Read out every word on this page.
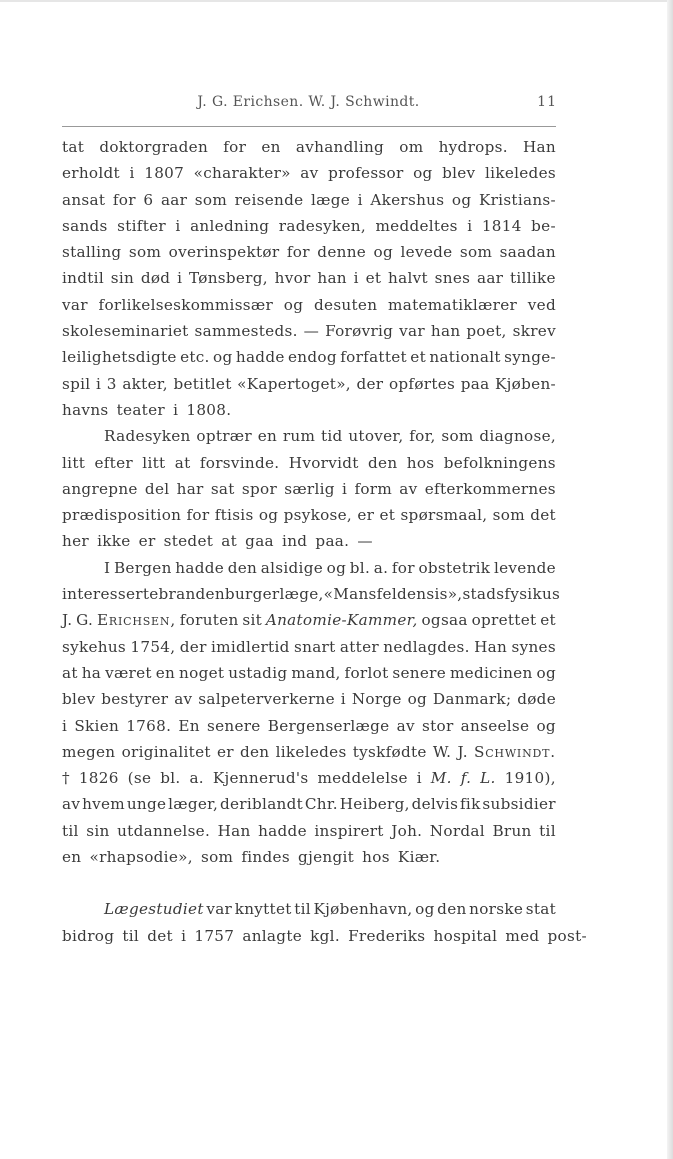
J. G. Erichsen. W. J. Schwindt.	11
tat doktorgraden for en avhandling om hydrops. Han
erholdt i 1807 «charakter» av professor og blev likeledes
ansat for 6 aar som reisende læge i Akershus og Kristians-
sands stifter i anledning radesyken, meddeltes i 1814 be-
stalling som overinspektør for denne og levede som saadan
indtil sin død i Tønsberg, hvor han i et halvt snes aar tillike
var forlikelseskommissær og desuten matematiklærer ved
skoleseminariet sammesteds. — Forøvrig var han poet, skrev
leilighetsdigte etc. og hadde endog forfattet et nationalt synge-
spil i 3 akter, betitlet «Kapertoget», der opførtes paa Kjøben-
havns teater i 1808.
Radesyken optrær en rum tid utover, for, som diagnose,
litt efter litt at forsvinde. Hvorvidt den hos befolkningens
angrepne del har sat spor særlig i form av efterkommernes
prædisposition for ftisis og psykose, er et spørsmaal, som det
her ikke er stedet at gaa ind paa. —
I Bergen hadde den alsidige og bl. a. for obstetrik levende
interesserte brandenburgerlæge, «Mansfeldensis», stadsfysikus
J. G. Erichsen, foruten sit Anatomie-Kammer, ogsaa oprettet et
sykehus 1754, der imidlertid snart atter nedlagdes. Han synes
at ha været en noget ustadig mand, forlot senere medicinen og
blev bestyrer av salpeterverkerne i Norge og Danmark; døde
i Skien 1768. En senere Bergenserlæge av stor anseelse og
megen originalitet er den likeledes tyskfødte W. J. Schwindt.
† 1826 (se bl. a. Kjennerud's meddelelse i M. f. L. 1910),
av hvem unge læger, deriblandt Chr. Heiberg, delvis fik subsidier
til sin utdannelse. Han hadde inspirert Joh. Nordal Brun til
en «rhapsodie», som findes gjengit hos Kiær.
Lægestudiet var knyttet til Kjøbenhavn, og den norske stat
bidrog til det i 1757 anlagte kgl. Frederiks hospital med post-
